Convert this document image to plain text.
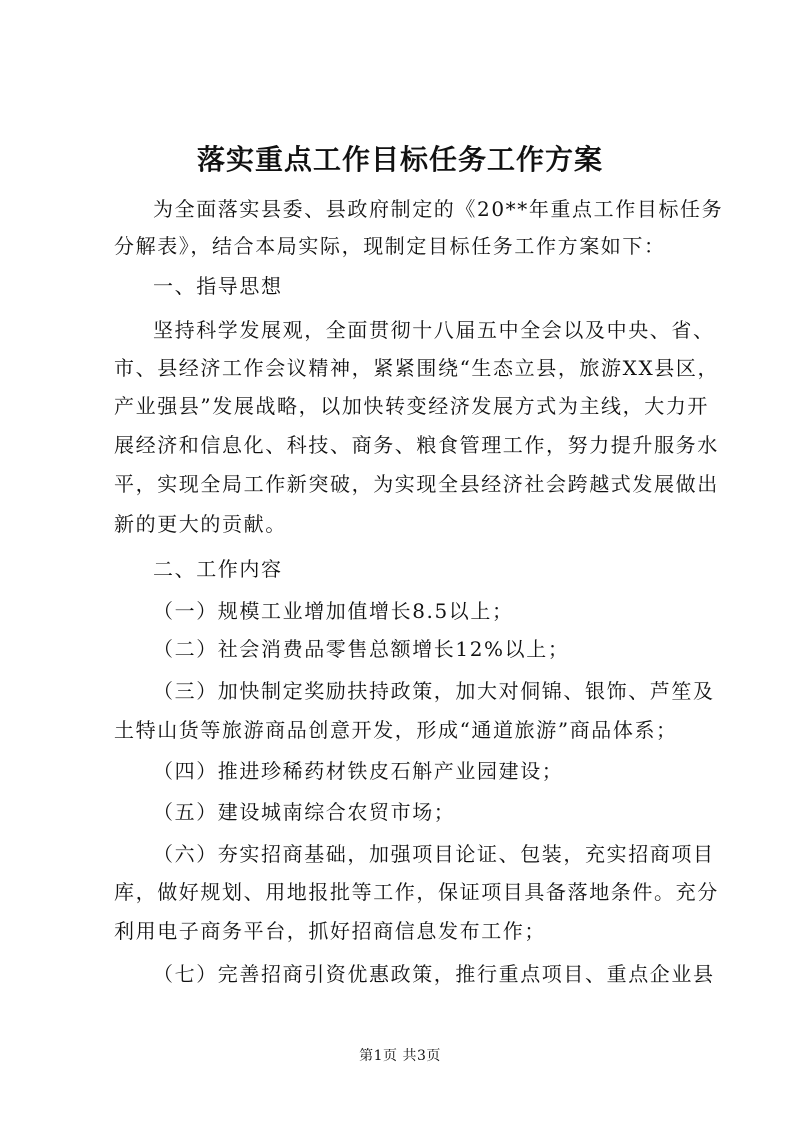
落实重点工作目标任务工作方案
为全面落实县委、县政府制定的《20**年重点工作目标任务
分解表》，结合本局实际，现制定目标任务工作方案如下：
一、指导思想
坚持科学发展观，全面贯彻十八届五中全会以及中央、省、
市、县经济工作会议精神，紧紧围绕“生态立县，旅游XX县区，
产业强县”发展战略，以加快转变经济发展方式为主线，大力开
展经济和信息化、科技、商务、粮食管理工作，努力提升服务水
平，实现全局工作新突破，为实现全县经济社会跨越式发展做出
新的更大的贡献。
二、工作内容
（一）规模工业增加值增长8.5以上；
（二）社会消费品零售总额增长12%以上；
（三）加快制定奖励扶持政策，加大对侗锦、银饰、芦笙及
土特山货等旅游商品创意开发，形成“通道旅游”商品体系；
（四）推进珍稀药材铁皮石斛产业园建设；
（五）建设城南综合农贸市场；
（六）夯实招商基础，加强项目论证、包装，充实招商项目
库，做好规划、用地报批等工作，保证项目具备落地条件。充分
利用电子商务平台，抓好招商信息发布工作；
（七）完善招商引资优惠政策，推行重点项目、重点企业县
第1页 共3页
